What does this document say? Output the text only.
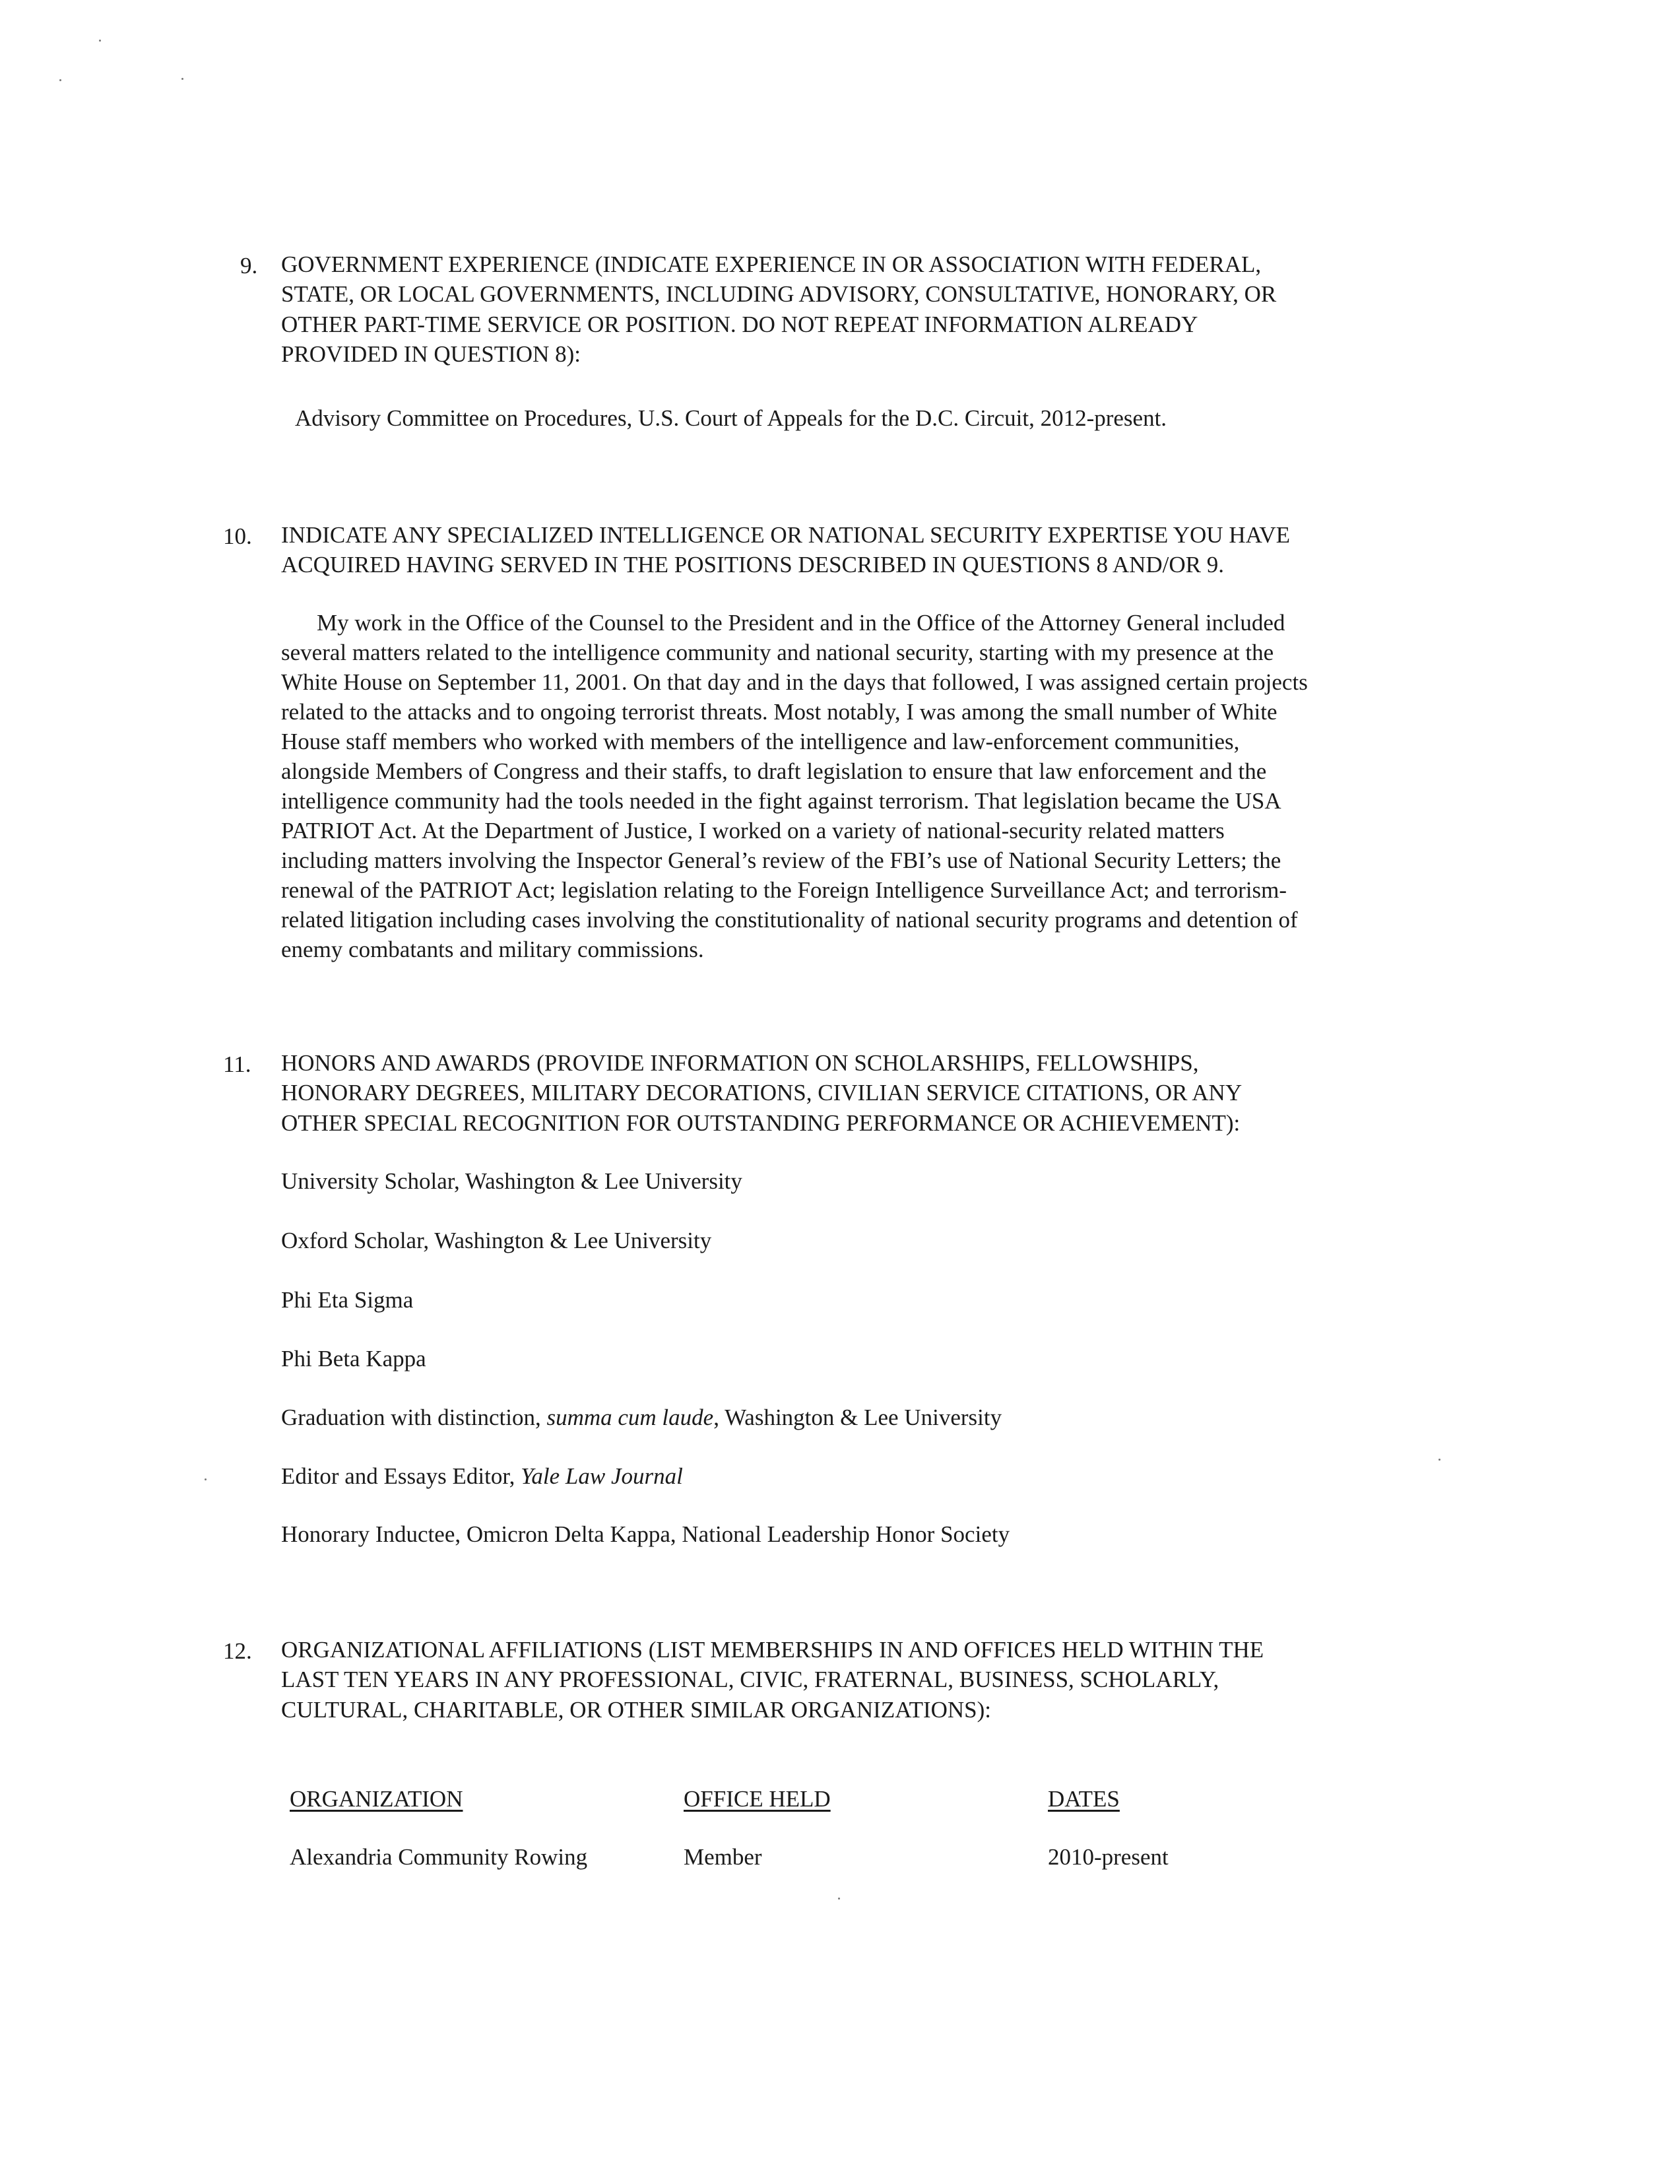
9. GOVERNMENT EXPERIENCE (INDICATE EXPERIENCE IN OR ASSOCIATION WITH FEDERAL,
STATE, OR LOCAL GOVERNMENTS, INCLUDING ADVISORY, CONSULTATIVE, HONORARY, OR
OTHER PART-TIME SERVICE OR POSITION. DO NOT REPEAT INFORMATION ALREADY
PROVIDED IN QUESTION 8):
Advisory Committee on Procedures, U.S. Court of Appeals for the D.C. Circuit, 2012-present.
10. INDICATE ANY SPECIALIZED INTELLIGENCE OR NATIONAL SECURITY EXPERTISE YOU HAVE
ACQUIRED HAVING SERVED IN THE POSITIONS DESCRIBED IN QUESTIONS 8 AND/OR 9.
My work in the Office of the Counsel to the President and in the Office of the Attorney General included
several matters related to the intelligence community and national security, starting with my presence at the
White House on September 11, 2001. On that day and in the days that followed, I was assigned certain projects
related to the attacks and to ongoing terrorist threats. Most notably, I was among the small number of White
House staff members who worked with members of the intelligence and law-enforcement communities,
alongside Members of Congress and their staffs, to draft legislation to ensure that law enforcement and the
intelligence community had the tools needed in the fight against terrorism. That legislation became the USA
PATRIOT Act. At the Department of Justice, I worked on a variety of national-security related matters
including matters involving the Inspector General’s review of the FBI’s use of National Security Letters; the
renewal of the PATRIOT Act; legislation relating to the Foreign Intelligence Surveillance Act; and terrorism-
related litigation including cases involving the constitutionality of national security programs and detention of
enemy combatants and military commissions.
11. HONORS AND AWARDS (PROVIDE INFORMATION ON SCHOLARSHIPS, FELLOWSHIPS,
HONORARY DEGREES, MILITARY DECORATIONS, CIVILIAN SERVICE CITATIONS, OR ANY
OTHER SPECIAL RECOGNITION FOR OUTSTANDING PERFORMANCE OR ACHIEVEMENT):
University Scholar, Washington & Lee University
Oxford Scholar, Washington & Lee University
Phi Eta Sigma
Phi Beta Kappa
Graduation with distinction, summa cum laude, Washington & Lee University
Editor and Essays Editor, Yale Law Journal
Honorary Inductee, Omicron Delta Kappa, National Leadership Honor Society
12. ORGANIZATIONAL AFFILIATIONS (LIST MEMBERSHIPS IN AND OFFICES HELD WITHIN THE
LAST TEN YEARS IN ANY PROFESSIONAL, CIVIC, FRATERNAL, BUSINESS, SCHOLARLY,
CULTURAL, CHARITABLE, OR OTHER SIMILAR ORGANIZATIONS):
ORGANIZATION	OFFICE HELD	DATES
Alexandria Community Rowing	Member	2010-present
